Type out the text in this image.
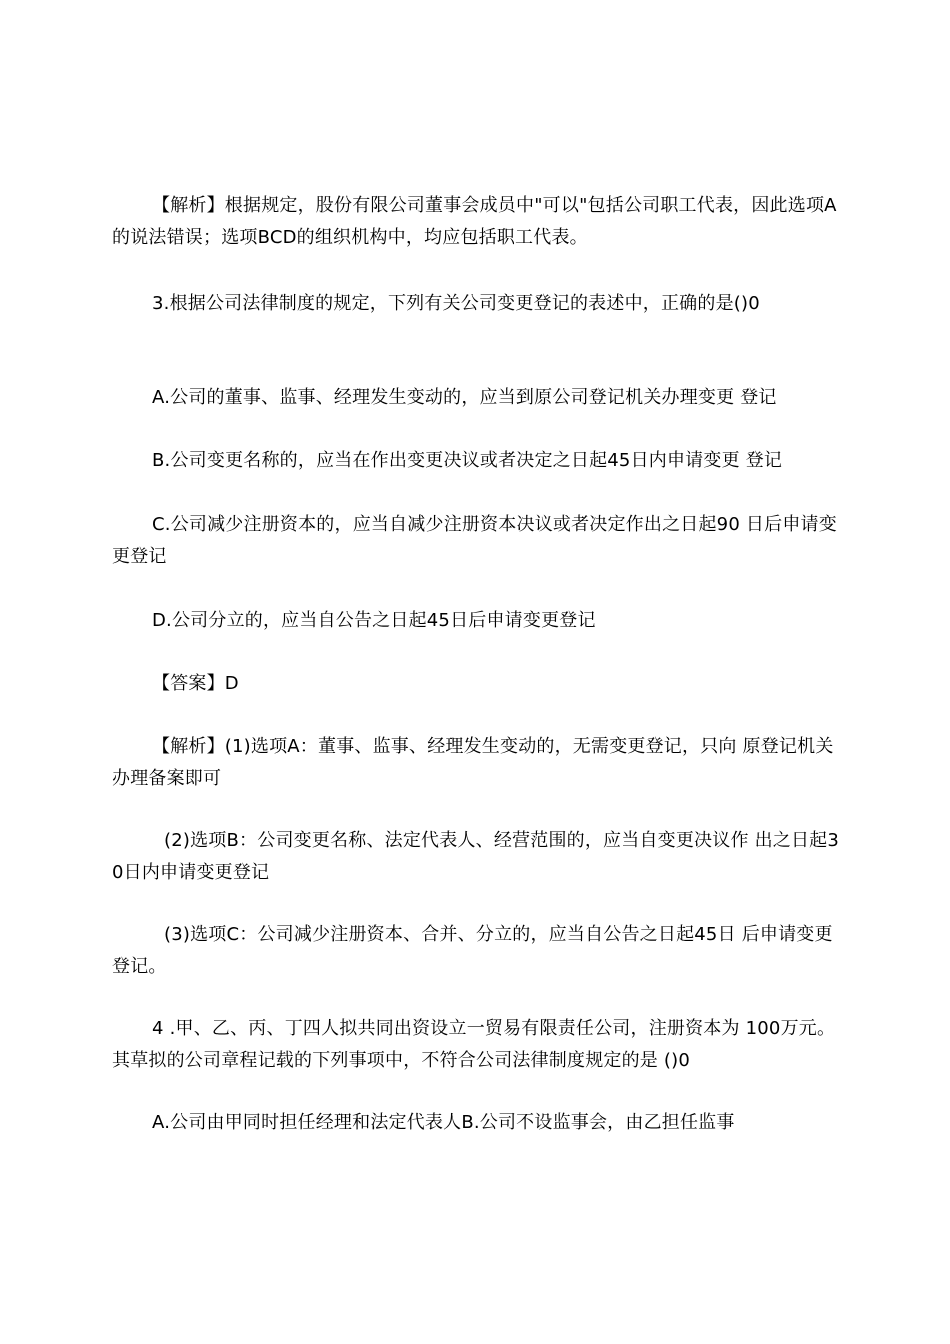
【解析】根据规定，股份有限公司董事会成员中"可以"包括公司职工代表，因此选项A的说法错误；选项BCD的组织机构中，均应包括职工代表。

3.根据公司法律制度的规定，下列有关公司变更登记的表述中，正确的是()0

A.公司的董事、监事、经理发生变动的，应当到原公司登记机关办理变更 登记

B.公司变更名称的，应当在作出变更决议或者决定之日起45日内申请变更 登记

C.公司减少注册资本的，应当自减少注册资本决议或者决定作出之日起90 日后申请变更登记

D.公司分立的，应当自公告之日起45日后申请变更登记

【答案】D

【解析】(1)选项A：董事、监事、经理发生变动的，无需变更登记，只向 原登记机关办理备案即可

(2)选项B：公司变更名称、法定代表人、经营范围的，应当自变更决议作 出之日起30日内申请变更登记

(3)选项C：公司减少注册资本、合并、分立的，应当自公告之日起45日 后申请变更登记。

4 .甲、乙、丙、丁四人拟共同出资设立一贸易有限责任公司，注册资本为 100万元。其草拟的公司章程记载的下列事项中，不符合公司法律制度规定的是 ()0

A.公司由甲同时担任经理和法定代表人B.公司不设监事会，由乙担任监事
